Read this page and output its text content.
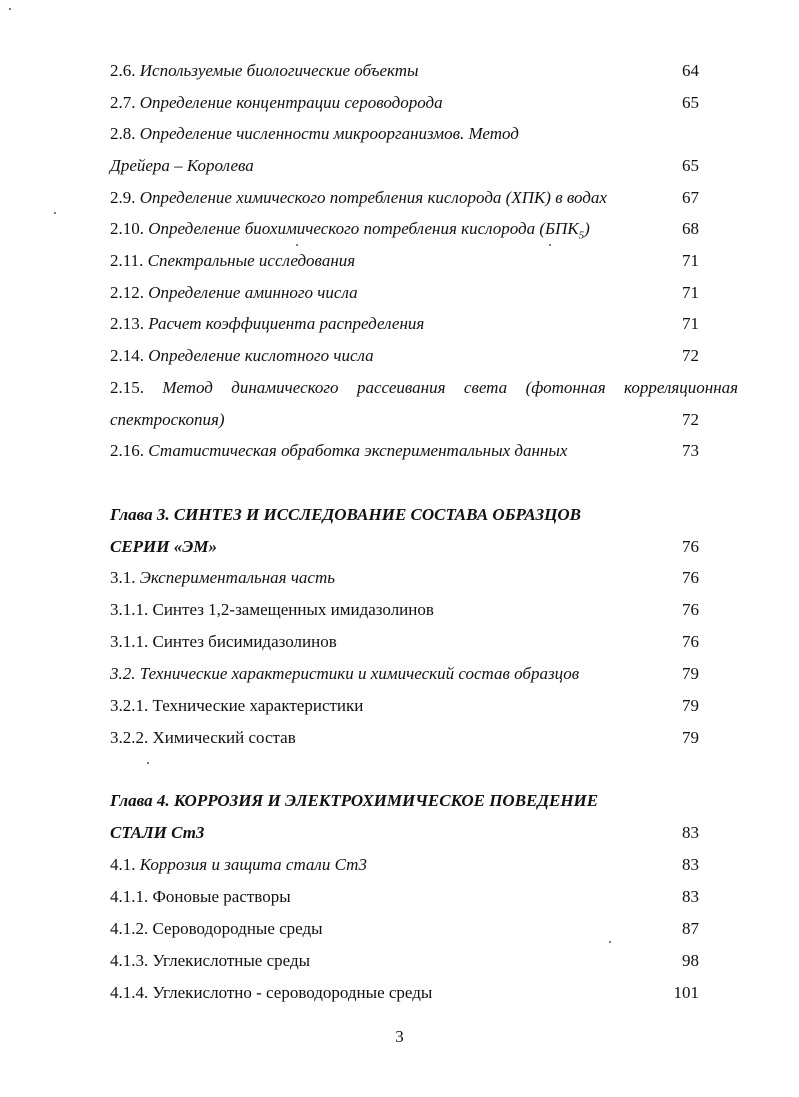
2.6. Используемые биологические объекты	64
2.7. Определение концентрации сероводорода	65
2.8. Определение численности микроорганизмов. Метод
Дрейера – Королева	65
2.9. Определение химического потребления кислорода (ХПК) в водах	67
2.10. Определение биохимического потребления кислорода $(БПК_5)$	68
2.11. Спектральные исследования	71
2.12. Определение аминного числа	71
2.13. Расчет коэффициента распределения	71
2.14. Определение кислотного числа	72
2.15. Метод динамического рассеивания света (фотонная корреляционная
спектроскопия)	72
2.16. Статистическая обработка экспериментальных данных	73
Глава 3. СИНТЕЗ И ИССЛЕДОВАНИЕ СОСТАВА ОБРАЗЦОВ
СЕРИИ «ЭМ»	76
3.1. Экспериментальная часть	76
3.1.1. Синтез 1,2-замещенных имидазолинов	76
3.1.1. Синтез бисимидазолинов	76
3.2. Технические характеристики и химический состав образцов	79
3.2.1. Технические характеристики	79
3.2.2. Химический состав	79
Глава 4. КОРРОЗИЯ И ЭЛЕКТРОХИМИЧЕСКОЕ ПОВЕДЕНИЕ
СТАЛИ Ст3	83
4.1. Коррозия и защита стали Ст3	83
4.1.1. Фоновые растворы	83
4.1.2. Сероводородные среды	87
4.1.3. Углекислотные среды	98
4.1.4. Углекислотно - сероводородные среды	101
3
